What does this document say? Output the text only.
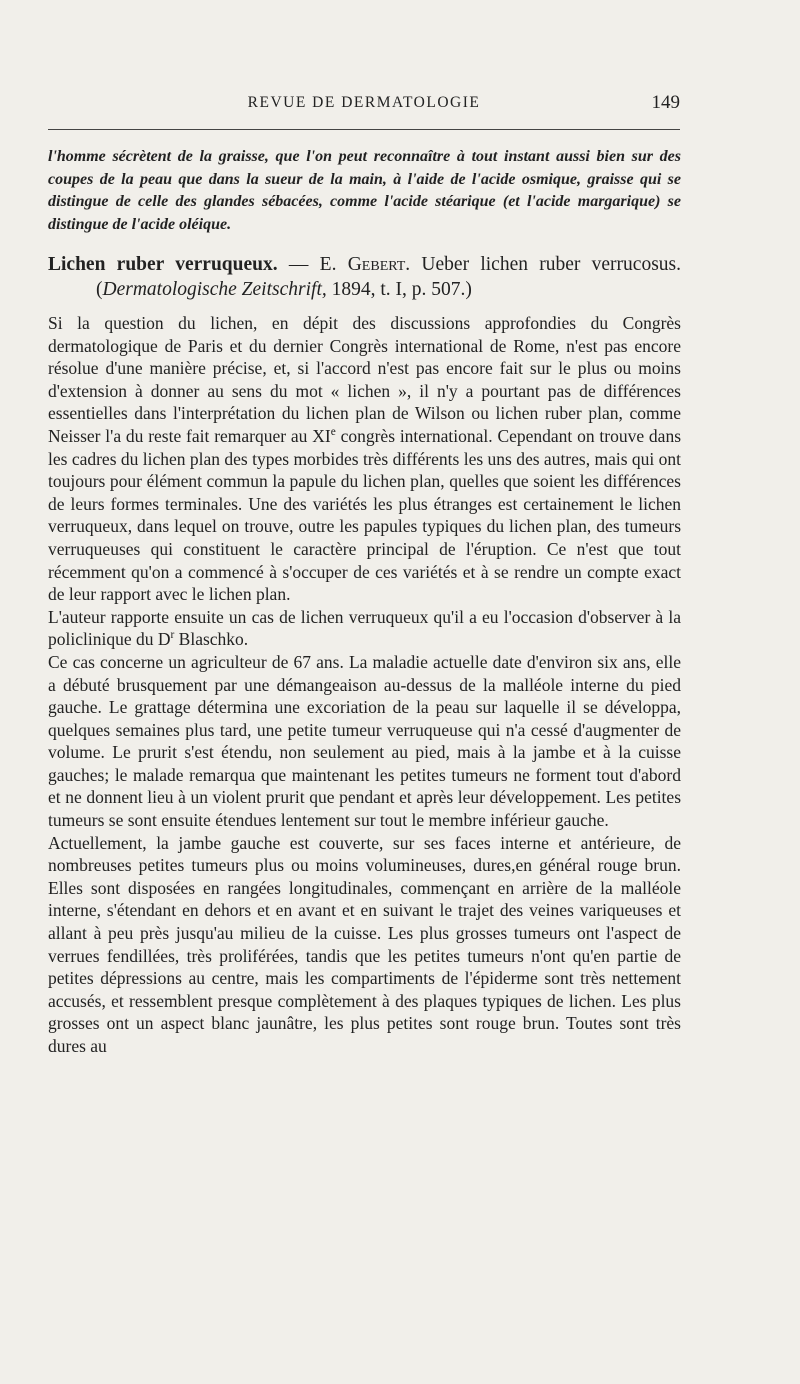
REVUE DE DERMATOLOGIE	149

l'homme sécrètent de la graisse, que l'on peut reconnaître à tout instant aussi bien sur des coupes de la peau que dans la sueur de la main, à l'aide de l'acide osmique, graisse qui se distingue de celle des glandes sébacées, comme l'acide stéarique (et l'acide margarique) se distingue de l'acide oléique.

Lichen ruber verruqueux. — E. Gebert. Ueber lichen ruber verrucosus. (Dermatologische Zeitschrift, 1894, t. I, p. 507.)

Si la question du lichen, en dépit des discussions approfondies du Congrès dermatologique de Paris et du dernier Congrès international de Rome, n'est pas encore résolue d'une manière précise, et, si l'accord n'est pas encore fait sur le plus ou moins d'extension à donner au sens du mot « lichen », il n'y a pourtant pas de différences essentielles dans l'interprétation du lichen plan de Wilson ou lichen ruber plan, comme Neisser l'a du reste fait remarquer au XIe congrès international. Cependant on trouve dans les cadres du lichen plan des types morbides très différents les uns des autres, mais qui ont toujours pour élément commun la papule du lichen plan, quelles que soient les différences de leurs formes terminales. Une des variétés les plus étranges est certainement le lichen verruqueux, dans lequel on trouve, outre les papules typiques du lichen plan, des tumeurs verruqueuses qui constituent le caractère principal de l'éruption. Ce n'est que tout récemment qu'on a commencé à s'occuper de ces variétés et à se rendre un compte exact de leur rapport avec le lichen plan.

L'auteur rapporte ensuite un cas de lichen verruqueux qu'il a eu l'occasion d'observer à la policlinique du $D^r$ Blaschko.

Ce cas concerne un agriculteur de 67 ans. La maladie actuelle date d'environ six ans, elle a débuté brusquement par une démangeaison au-dessus de la malléole interne du pied gauche. Le grattage détermina une excoriation de la peau sur laquelle il se développa, quelques semaines plus tard, une petite tumeur verruqueuse qui n'a cessé d'augmenter de volume. Le prurit s'est étendu, non seulement au pied, mais à la jambe et à la cuisse gauches; le malade remarqua que maintenant les petites tumeurs ne forment tout d'abord et ne donnent lieu à un violent prurit que pendant et après leur développement. Les petites tumeurs se sont ensuite étendues lentement sur tout le membre inférieur gauche.

Actuellement, la jambe gauche est couverte, sur ses faces interne et antérieure, de nombreuses petites tumeurs plus ou moins volumineuses, dures,en général rouge brun. Elles sont disposées en rangées longitudinales, commençant en arrière de la malléole interne, s'étendant en dehors et en avant et en suivant le trajet des veines variqueuses et allant à peu près jusqu'au milieu de la cuisse. Les plus grosses tumeurs ont l'aspect de verrues fendillées, très proliférées, tandis que les petites tumeurs n'ont qu'en partie de petites dépressions au centre, mais les compartiments de l'épiderme sont très nettement accusés, et ressemblent presque complètement à des plaques typiques de lichen. Les plus grosses ont un aspect blanc jaunâtre, les plus petites sont rouge brun. Toutes sont très dures au
